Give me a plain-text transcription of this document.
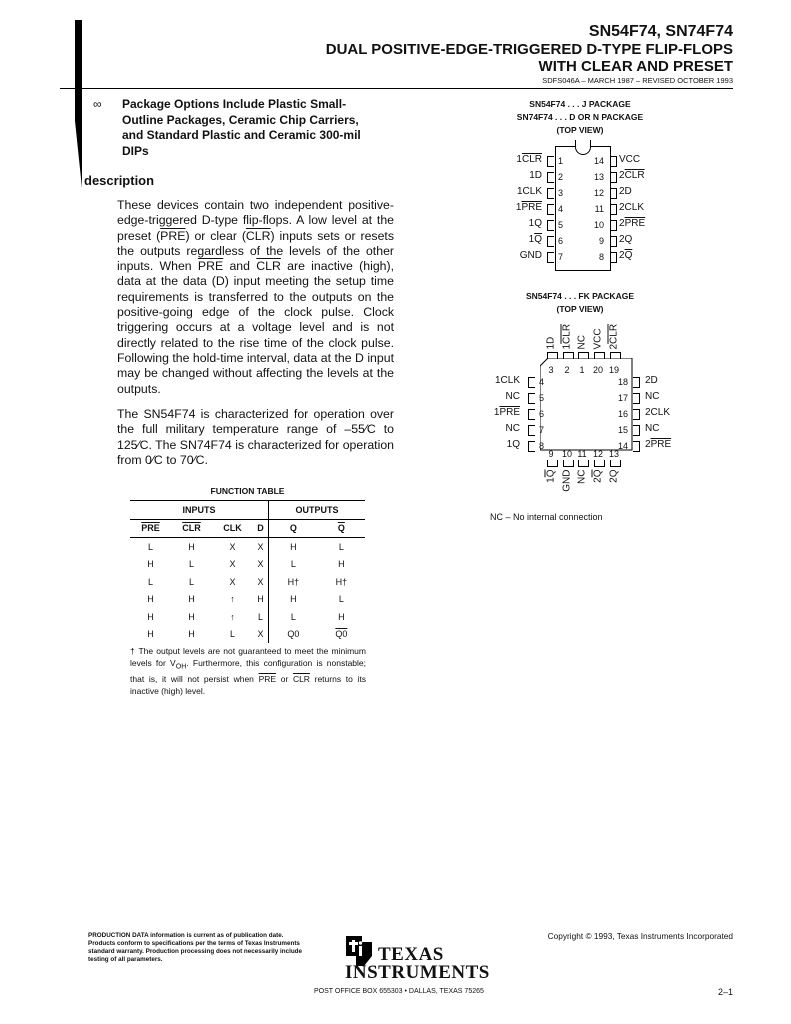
SN54F74, SN74F74
DUAL POSITIVE-EDGE-TRIGGERED D-TYPE FLIP-FLOPS
WITH CLEAR AND PRESET
SDFS046A – MARCH 1987 – REVISED OCTOBER 1993
∞ Package Options Include Plastic Small-Outline Packages, Ceramic Chip Carriers, and Standard Plastic and Ceramic 300-mil DIPs
description
These devices contain two independent positive-edge-triggered D-type flip-flops. A low level at the preset $(\overline{PRE})$ or clear $(\overline{CLR})$ inputs sets or resets the outputs regardless of the levels of the other inputs. When $\overline{PRE}$ and $\overline{CLR}$ are inactive (high), data at the data (D) input meeting the setup time requirements is transferred to the outputs on the positive-going edge of the clock pulse. Clock triggering occurs at a voltage level and is not directly related to the rise time of the clock pulse. Following the hold-time interval, data at the D input may be changed without affecting the levels at the outputs.
The SN54F74 is characterized for operation over the full military temperature range of –55⁄C to 125⁄C. The SN74F74 is characterized for operation from 0⁄C to 70⁄C.
FUNCTION TABLE
INPUTS				OUTPUTS	
$\overline{PRE}$	$\overline{CLR}$	CLK	D	Q	$\overline{Q}$
L	H	X	X	H	L
H	L	X	X	L	H
L	L	X	X	H†	H†
H	H	↑	H	H	L
H	H	↑	L	L	H
H	H	L	X	Q0	Q0
† The output levels are not guaranteed to meet the minimum levels for $V_{OH}$. Furthermore, this configuration is nonstable; that is, it will not persist when $\overline{PRE}$ or $\overline{CLR}$ returns to its inactive (high) level.
SN54F74 . . . J PACKAGE
SN74F74 . . . D OR N PACKAGE
(TOP VIEW)
$1\overline{CLR}$ 1
1D 2
1CLK 3
$1\overline{PRE}$ 4
1Q 5
$1\overline{Q}$ 6
GND 7
14 VCC
13 $2\overline{CLR}$
12 2D
11 2CLK
10 $2\overline{PRE}$
9 2Q
8 $2\overline{Q}$
SN54F74 . . . FK PACKAGE
(TOP VIEW)
1D
3
$1\overline{CLR}$
2
NC
1
VCC
20
$2\overline{CLR}$
19
1CLK 4
NC 5
$1\overline{PRE}$ 6
NC 7
1Q 8
18 2D
17 NC
16 2CLK
15 NC
14 $2\overline{PRE}$
9
$1\overline{Q}$
10
GND
11
NC
12
$2\overline{Q}$
13
2Q
NC – No internal connection
PRODUCTION DATA information is current as of publication date. Products conform to specifications per the terms of Texas Instruments standard warranty. Production processing does not necessarily include testing of all parameters.
Copyright © 1993, Texas Instruments Incorporated
TEXAS
INSTRUMENTS
POST OFFICE BOX 655303 • DALLAS, TEXAS 75265	2–1
